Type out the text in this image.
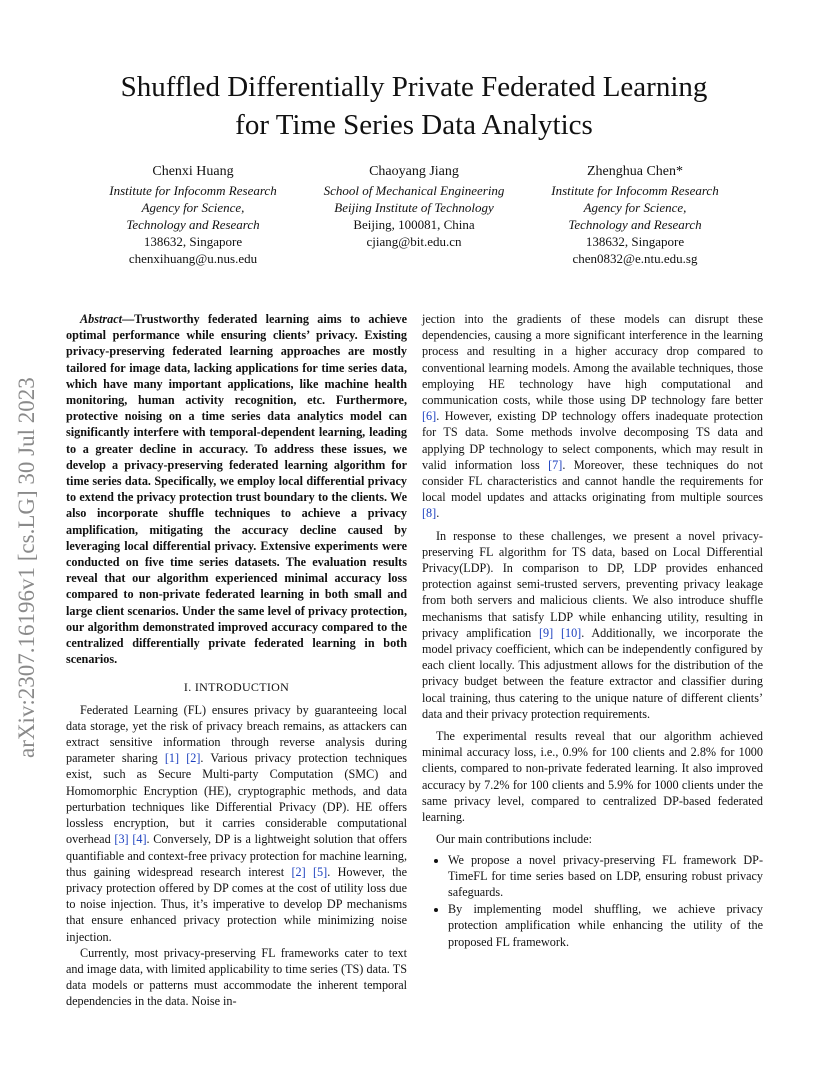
Shuffled Differentially Private Federated Learning
for Time Series Data Analytics
Chenxi Huang
Institute for Infocomm Research
Agency for Science,
Technology and Research
138632, Singapore
chenxihuang@u.nus.edu
Chaoyang Jiang
School of Mechanical Engineering
Beijing Institute of Technology
Beijing, 100081, China
cjiang@bit.edu.cn
Zhenghua Chen*
Institute for Infocomm Research
Agency for Science,
Technology and Research
138632, Singapore
chen0832@e.ntu.edu.sg
arXiv:2307.16196v1 [cs.LG] 30 Jul 2023

Abstract—Trustworthy federated learning aims to achieve optimal performance while ensuring clients’ privacy. Existing privacy-preserving federated learning approaches are mostly tailored for image data, lacking applications for time series data, which have many important applications, like machine health monitoring, human activity recognition, etc. Furthermore, protective noising on a time series data analytics model can significantly interfere with temporal-dependent learning, leading to a greater decline in accuracy. To address these issues, we develop a privacy-preserving federated learning algorithm for time series data. Specifically, we employ local differential privacy to extend the privacy protection trust boundary to the clients. We also incorporate shuffle techniques to achieve a privacy amplification, mitigating the accuracy decline caused by leveraging local differential privacy. Extensive experiments were conducted on five time series datasets. The evaluation results reveal that our algorithm experienced minimal accuracy loss compared to non-private federated learning in both small and large client scenarios. Under the same level of privacy protection, our algorithm demonstrated improved accuracy compared to the centralized differentially private federated learning in both scenarios.

I. INTRODUCTION

Federated Learning (FL) ensures privacy by guaranteeing local data storage, yet the risk of privacy breach remains, as attackers can extract sensitive information through reverse analysis during parameter sharing [1] [2]. Various privacy protection techniques exist, such as Secure Multi-party Computation (SMC) and Homomorphic Encryption (HE), cryptographic methods, and data perturbation techniques like Differential Privacy (DP). HE offers lossless encryption, but it carries considerable computational overhead [3] [4]. Conversely, DP is a lightweight solution that offers quantifiable and context-free privacy protection for machine learning, thus gaining widespread research interest [2] [5]. However, the privacy protection offered by DP comes at the cost of utility loss due to noise injection. Thus, it’s imperative to develop DP mechanisms that ensure enhanced privacy protection while minimizing noise injection.

Currently, most privacy-preserving FL frameworks cater to text and image data, with limited applicability to time series (TS) data. TS data models or patterns must accommodate the inherent temporal dependencies in the data. Noise in-

jection into the gradients of these models can disrupt these dependencies, causing a more significant interference in the learning process and resulting in a higher accuracy drop compared to conventional learning models. Among the available techniques, those employing HE technology have high computational and communication costs, while those using DP technology fare better [6]. However, existing DP technology offers inadequate protection for TS data. Some methods involve decomposing TS data and applying DP technology to select components, which may result in valid information loss [7]. Moreover, these techniques do not consider FL characteristics and cannot handle the requirements for local model updates and attacks originating from multiple sources [8].

In response to these challenges, we present a novel privacy-preserving FL algorithm for TS data, based on Local Differential Privacy(LDP). In comparison to DP, LDP provides enhanced protection against semi-trusted servers, preventing privacy leakage from both servers and malicious clients. We also introduce shuffle mechanisms that satisfy LDP while enhancing utility, resulting in privacy amplification [9] [10]. Additionally, we incorporate the model privacy coefficient, which can be independently configured by each client locally. This adjustment allows for the distribution of the privacy budget between the feature extractor and classifier during local training, thus catering to the unique nature of different clients’ data and their privacy protection requirements.

The experimental results reveal that our algorithm achieved minimal accuracy loss, i.e., 0.9% for 100 clients and 2.8% for 1000 clients, compared to non-private federated learning. It also improved accuracy by 7.2% for 100 clients and 5.9% for 1000 clients under the same privacy level, compared to centralized DP-based federated learning.

Our main contributions include:

• We propose a novel privacy-preserving FL framework DP-TimeFL for time series based on LDP, ensuring robust privacy safeguards.
• By implementing model shuffling, we achieve privacy protection amplification while enhancing the utility of the proposed FL framework.
